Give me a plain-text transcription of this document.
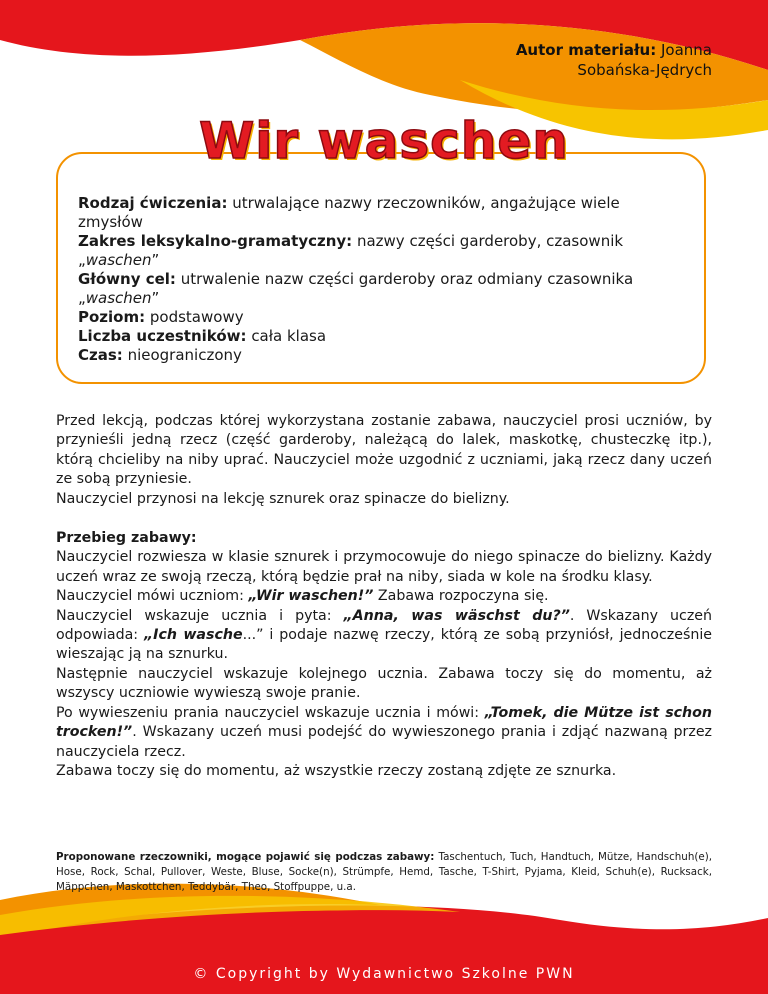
Autor materiału: Joanna
Sobańska-Jędrych
Wir waschen

Rodzaj ćwiczenia: utrwalające nazwy rzeczowników, angażujące wiele
zmysłów

Zakres leksykalno-gramatyczny: nazwy części garderoby, czasownik „waschen”

Główny cel: utrwalenie nazw części garderoby oraz odmiany czasownika
„waschen”

Poziom: podstawowy

Liczba uczestników: cała klasa

Czas: nieograniczony

Przed lekcją, podczas której wykorzystana zostanie zabawa, nauczyciel prosi uczniów, by przynieśli jedną rzecz (część garderoby, należącą do lalek, maskotkę, chusteczkę itp.), którą chcieliby na niby uprać. Nauczyciel może uzgodnić z uczniami, jaką rzecz dany uczeń ze sobą przyniesie.

Nauczyciel przynosi na lekcję sznurek oraz spinacze do bielizny.

Przebieg zabawy:

Nauczyciel rozwiesza w klasie sznurek i przymocowuje do niego spinacze do bielizny. Każdy uczeń wraz ze swoją rzeczą, którą będzie prał na niby, siada w kole na środku klasy.

Nauczyciel mówi uczniom: „Wir waschen!” Zabawa rozpoczyna się.

Nauczyciel wskazuje ucznia i pyta: „Anna, was wäschst du?”. Wskazany uczeń odpowiada: „Ich wasche...” i podaje nazwę rzeczy, którą ze sobą przyniósł, jednocześnie wieszając ją na sznurku.

Następnie nauczyciel wskazuje kolejnego ucznia. Zabawa toczy się do momentu, aż wszyscy uczniowie wywieszą swoje pranie.

Po wywieszeniu prania nauczyciel wskazuje ucznia i mówi: „Tomek, die Mütze ist schon trocken!”. Wskazany uczeń musi podejść do wywieszonego prania i zdjąć nazwaną przez nauczyciela rzecz.

Zabawa toczy się do momentu, aż wszystkie rzeczy zostaną zdjęte ze sznurka.

Proponowane rzeczowniki, mogące pojawić się podczas zabawy: Taschentuch, Tuch, Handtuch, Mütze, Handschuh(e), Hose, Rock, Schal, Pullover, Weste, Bluse, Socke(n), Strümpfe, Hemd, Tasche, T-Shirt, Pyjama, Kleid, Schuh(e), Rucksack, Mäppchen, Maskottchen, Teddybär, Theo, Stoffpuppe, u.a.
© Copyright by Wydawnictwo Szkolne PWN
